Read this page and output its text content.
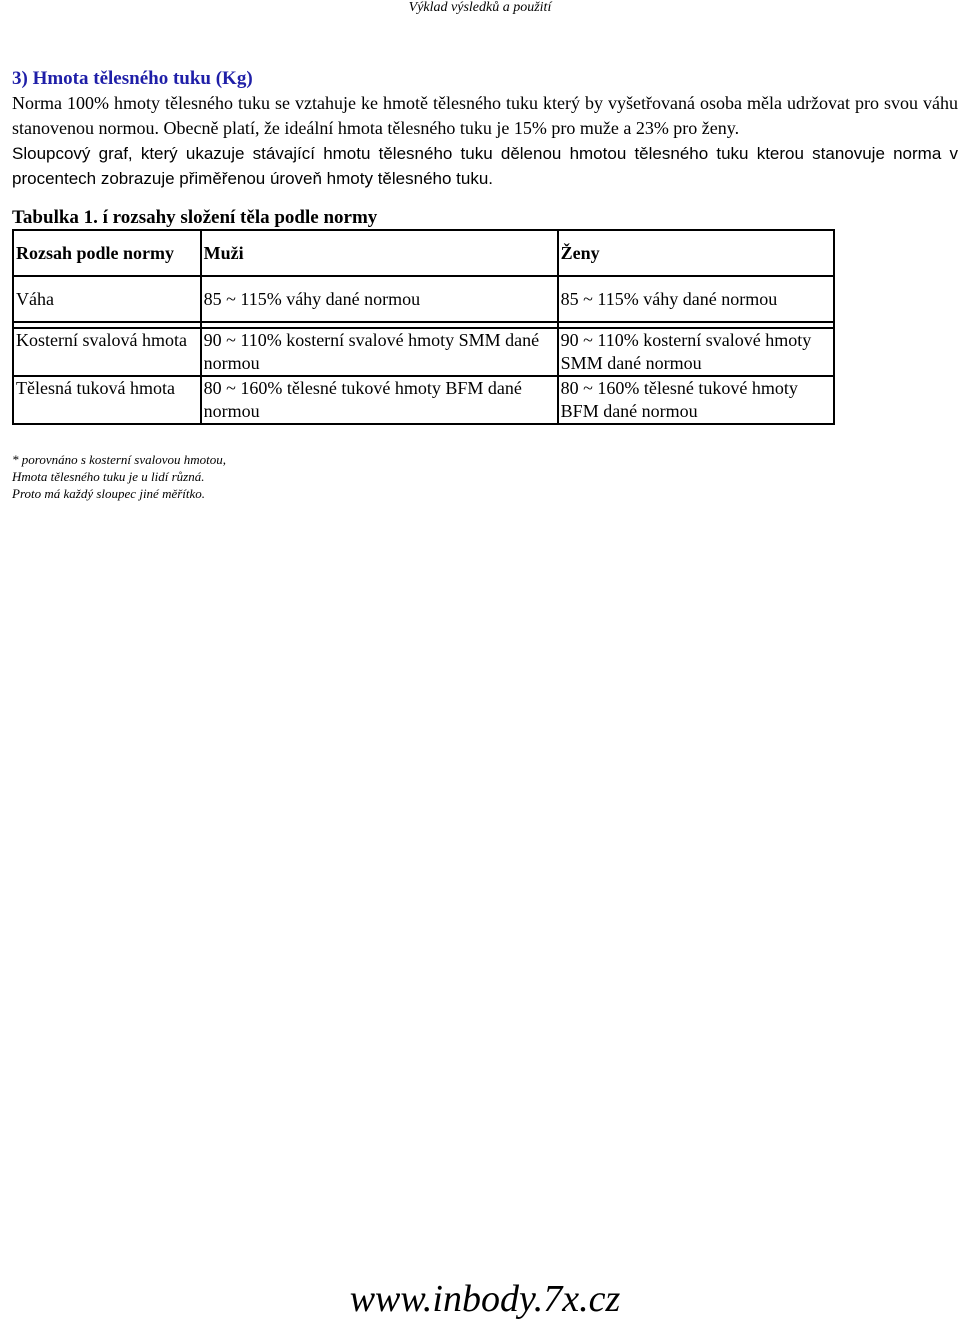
Výklad výsledků a použití
3) Hmota tělesného tuku (Kg)

Norma 100% hmoty tělesného tuku se vztahuje ke hmotě tělesného tuku který by vyšetřovaná osoba měla udržovat pro svou váhu stanovenou normou. Obecně platí, že ideální hmota tělesného tuku je 15% pro muže a 23% pro ženy.

Sloupcový graf, který ukazuje stávající hmotu tělesného tuku dělenou hmotou tělesného tuku kterou stanovuje norma v procentech zobrazuje přiměřenou úroveň hmoty tělesného tuku.

Tabulka 1. í rozsahy složení těla podle normy
Rozsah podle normy	Muži	Ženy
Váha	85 ~ 115% váhy dané normou	85 ~ 115% váhy dané normou

Kosterní svalová hmota	90 ~ 110% kosterní svalové hmoty SMM dané normou	90 ~ 110% kosterní svalové hmoty SMM dané normou
Tělesná tuková hmota	80 ~ 160% tělesné tukové hmoty BFM dané normou	80 ~ 160% tělesné tukové hmoty BFM dané normou
* porovnáno s kosterní svalovou hmotou,
Hmota tělesného tuku je u lidí různá.
Proto má každý sloupec jiné měřítko.
www.inbody.7x.cz
